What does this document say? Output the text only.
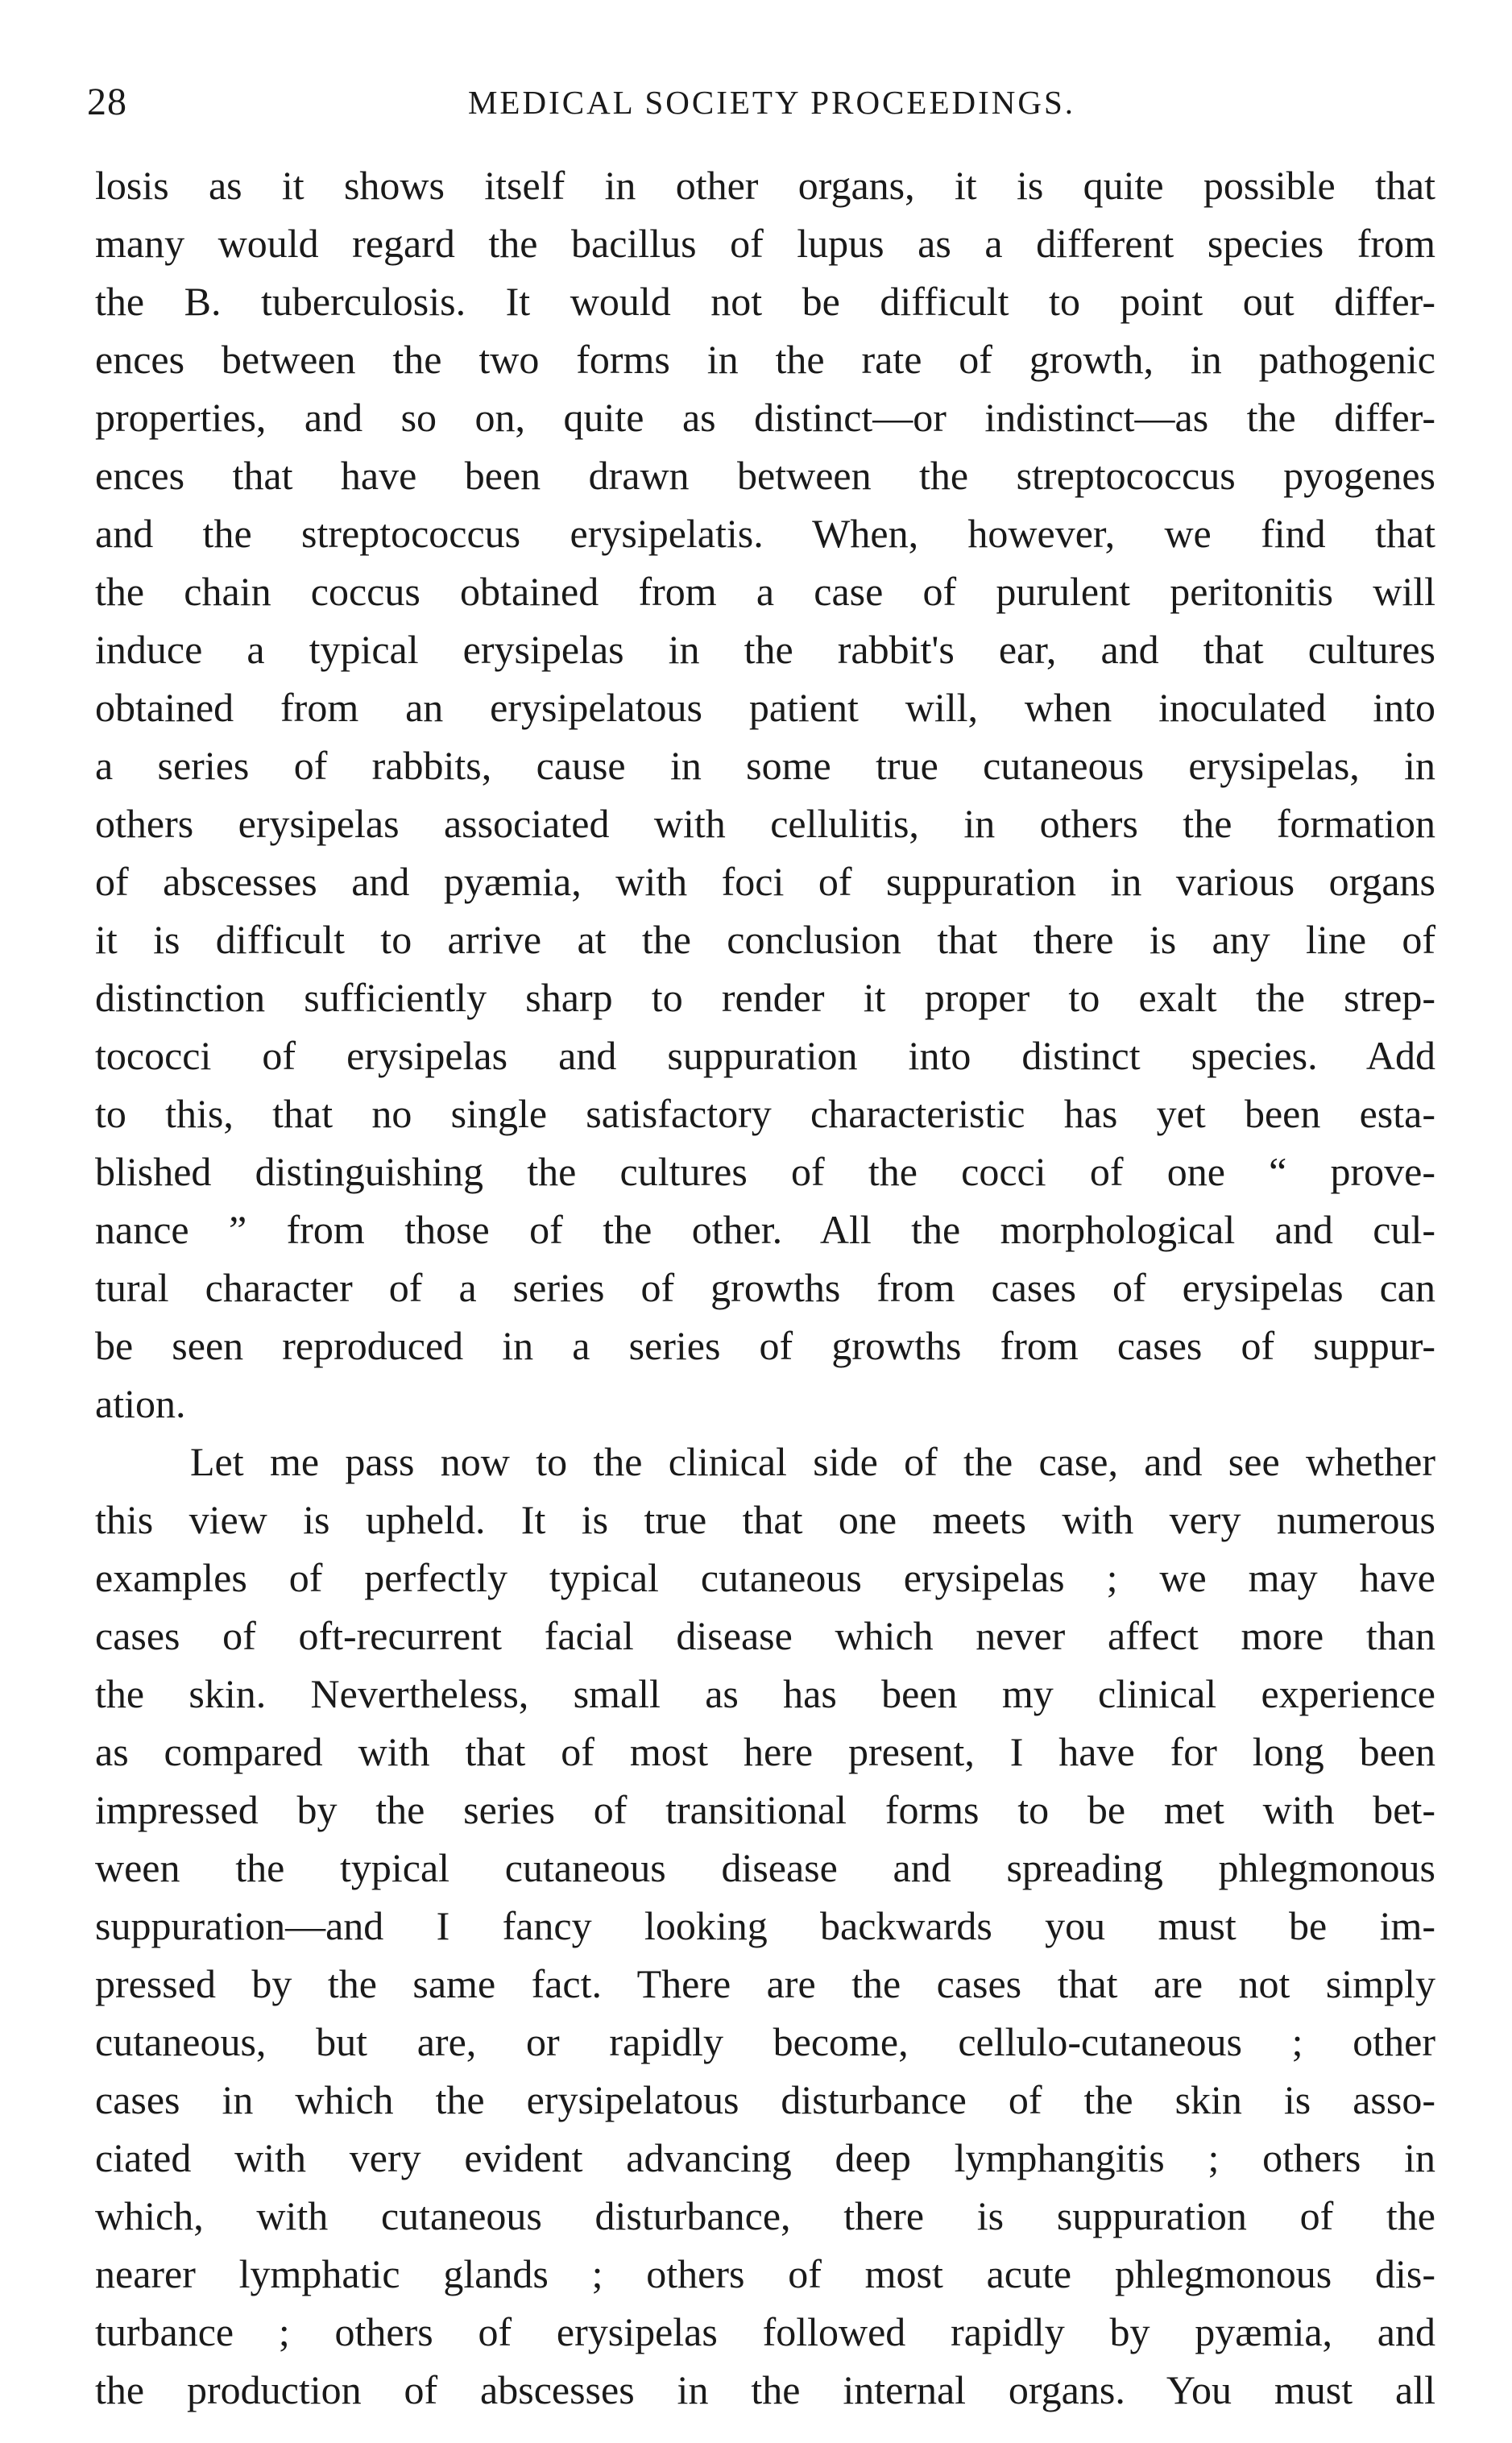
28	MEDICAL SOCIETY PROCEEDINGS.
losis as it shows itself in other organs, it is quite possible that
many would regard the bacillus of lupus as a different species from
the B. tuberculosis. It would not be difficult to point out differ-
ences between the two forms in the rate of growth, in pathogenic
properties, and so on, quite as distinct—or indistinct—as the differ-
ences that have been drawn between the streptococcus pyogenes
and the streptococcus erysipelatis. When, however, we find that
the chain coccus obtained from a case of purulent peritonitis will
induce a typical erysipelas in the rabbit's ear, and that cultures
obtained from an erysipelatous patient will, when inoculated into
a series of rabbits, cause in some true cutaneous erysipelas, in
others erysipelas associated with cellulitis, in others the formation
of abscesses and pyæmia, with foci of suppuration in various organs
it is difficult to arrive at the conclusion that there is any line of
distinction sufficiently sharp to render it proper to exalt the strep-
tococci of erysipelas and suppuration into distinct species. Add
to this, that no single satisfactory characteristic has yet been esta-
blished distinguishing the cultures of the cocci of one “ prove-
nance ” from those of the other. All the morphological and cul-
tural character of a series of growths from cases of erysipelas can
be seen reproduced in a series of growths from cases of suppur-
ation.
Let me pass now to the clinical side of the case, and see whether
this view is upheld. It is true that one meets with very numerous
examples of perfectly typical cutaneous erysipelas ; we may have
cases of oft-recurrent facial disease which never affect more than
the skin. Nevertheless, small as has been my clinical experience
as compared with that of most here present, I have for long been
impressed by the series of transitional forms to be met with bet-
ween the typical cutaneous disease and spreading phlegmonous
suppuration—and I fancy looking backwards you must be im-
pressed by the same fact. There are the cases that are not simply
cutaneous, but are, or rapidly become, cellulo-cutaneous ; other
cases in which the erysipelatous disturbance of the skin is asso-
ciated with very evident advancing deep lymphangitis ; others in
which, with cutaneous disturbance, there is suppuration of the
nearer lymphatic glands ; others of most acute phlegmonous dis-
turbance ; others of erysipelas followed rapidly by pyæmia, and
the production of abscesses in the internal organs. You must all
